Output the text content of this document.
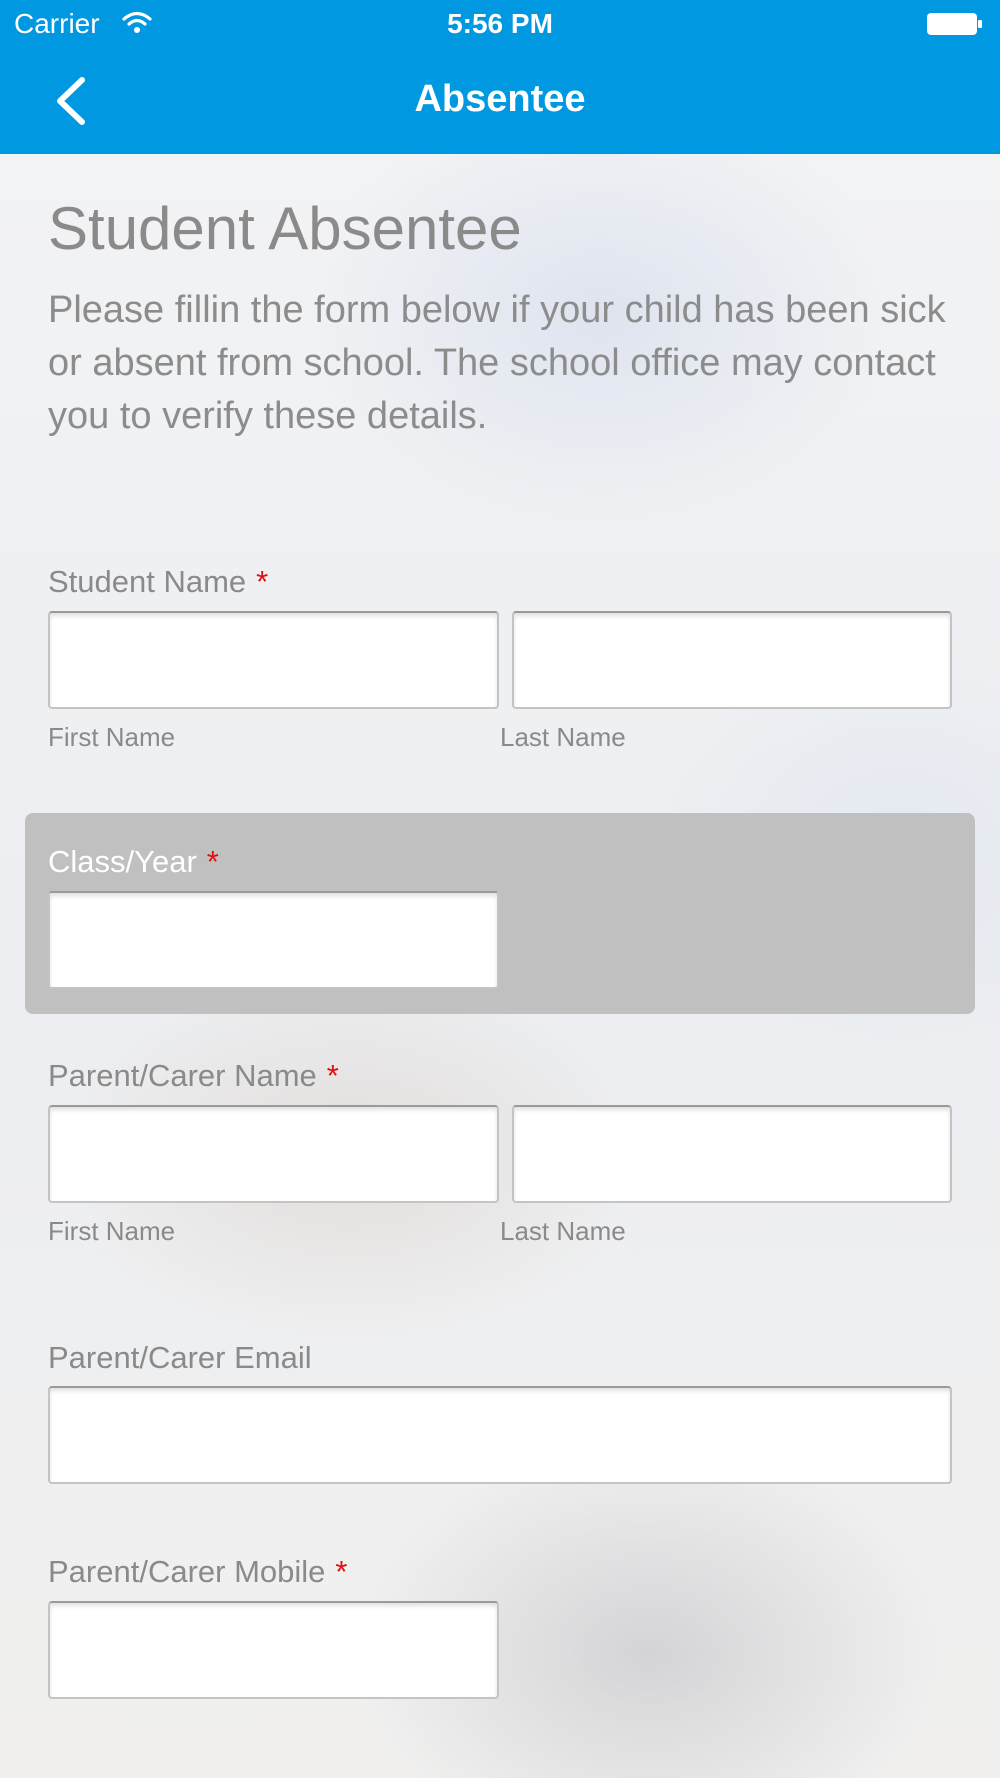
Carrier	5:56 PM
Absentee
Student Absentee
Please fillin the form below if your child has been sick or absent from school. The school office may contact you to verify these details.
Student Name *
First Name	Last Name
Class/Year *
Parent/Carer Name *
First Name	Last Name
Parent/Carer Email
Parent/Carer Mobile *
